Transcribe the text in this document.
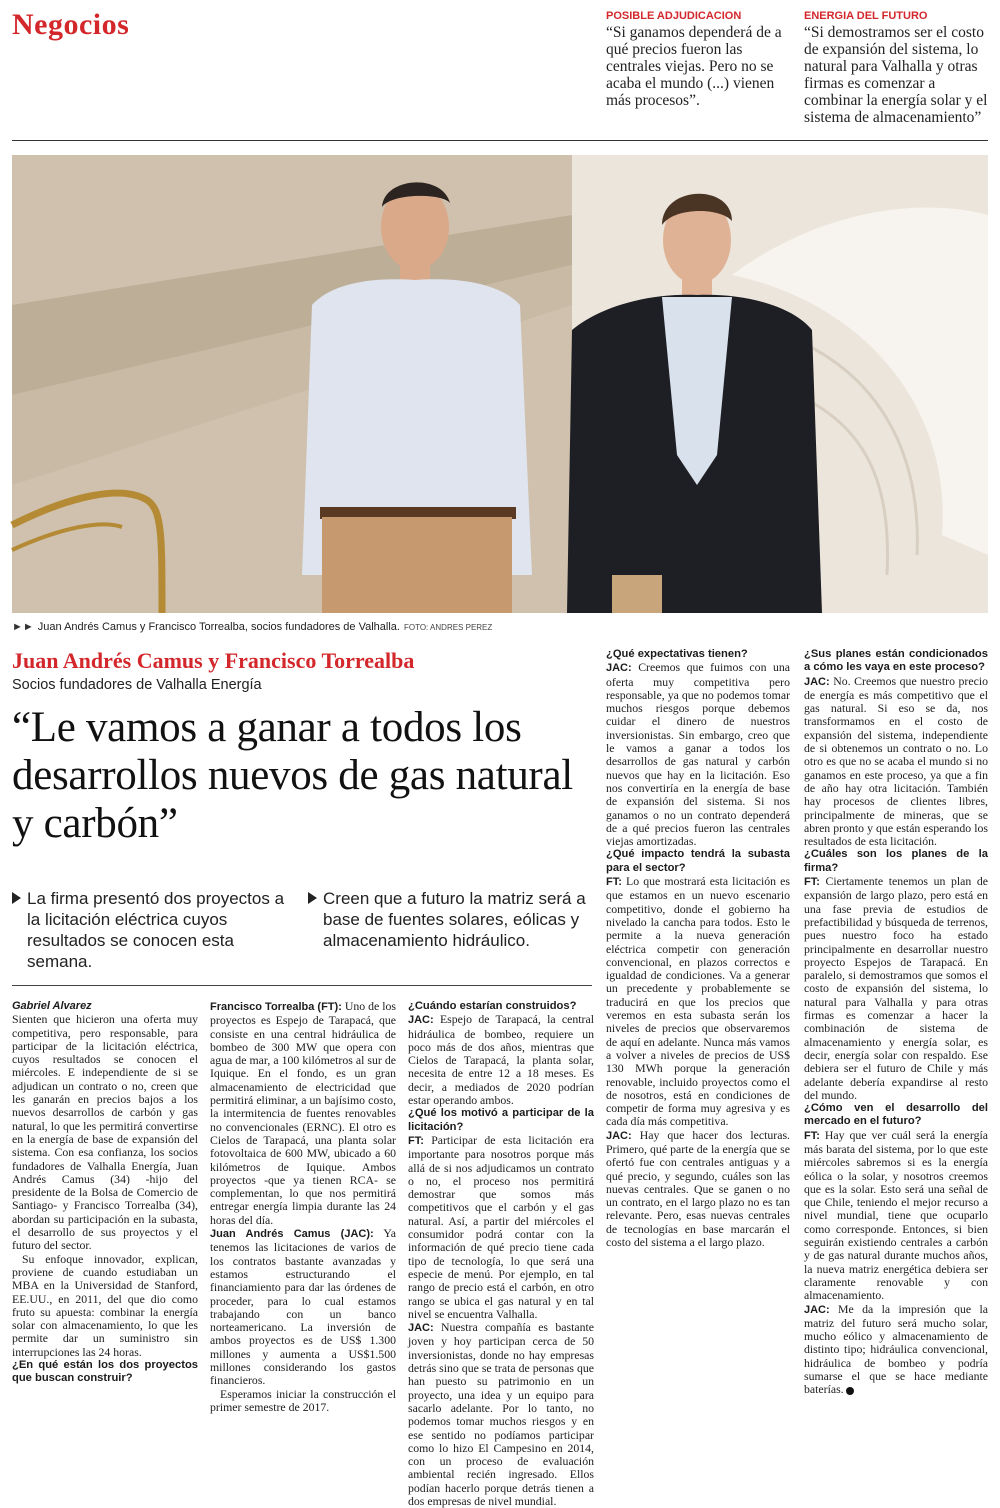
Negocios	POSIBLE ADJUDICACION
“Si ganamos dependerá de a qué precios fueron las centrales viejas. Pero no se acaba el mundo (...) vienen más procesos”.
ENERGIA DEL FUTURO
“Si demostramos ser el costo de expansión del sistema, lo natural para Valhalla y otras firmas es comenzar a combinar la energía solar y el sistema de almacenamiento”
►► Juan Andrés Camus y Francisco Torrealba, socios fundadores de Valhalla. FOTO: ANDRES PEREZ
Juan Andrés Camus y Francisco Torrealba
Socios fundadores de Valhalla Energía
“Le vamos a ganar a todos los desarrollos nuevos de gas natural y carbón”
La firma presentó dos proyectos a la licitación eléctrica cuyos resultados se conocen esta semana.
Creen que a futuro la matriz será a base de fuentes solares, eólicas y almacenamiento hidráulico.

Gabriel Alvarez

Sienten que hicieron una oferta muy competitiva, pero responsable, para participar de la licitación eléctrica, cuyos resultados se conocen el miércoles. E independiente de si se adjudican un contrato o no, creen que les ganarán en precios bajos a los nuevos desarrollos de carbón y gas natural, lo que les permitirá convertirse en la energía de base de expansión del sistema. Con esa confianza, los socios fundadores de Valhalla Energía, Juan Andrés Camus (34) -hijo del presidente de la Bolsa de Comercio de Santiago- y Francisco Torrealba (34), abordan su participación en la subasta, el desarrollo de sus proyectos y el futuro del sector.

Su enfoque innovador, explican, proviene de cuando estudiaban un MBA en la Universidad de Stanford, EE.UU., en 2011, del que dio como fruto su apuesta: combinar la energía solar con almacenamiento, lo que les permite dar un suministro sin interrupciones las 24 horas.

¿En qué están los dos proyectos que buscan construir?

Francisco Torrealba (FT): Uno de los proyectos es Espejo de Tarapacá, que consiste en una central hidráulica de bombeo de 300 MW que opera con agua de mar, a 100 kilómetros al sur de Iquique. En el fondo, es un gran almacenamiento de electricidad que permitirá eliminar, a un bajísimo costo, la intermitencia de fuentes renovables no convencionales (ERNC). El otro es Cielos de Tarapacá, una planta solar fotovoltaica de 600 MW, ubicado a 60 kilómetros de Iquique. Ambos proyectos -que ya tienen RCA- se complementan, lo que nos permitirá entregar energía limpia durante las 24 horas del día.

Juan Andrés Camus (JAC): Ya tenemos las licitaciones de varios de los contratos bastante avanzadas y estamos estructurando el financiamiento para dar las órdenes de proceder, para lo cual estamos trabajando con un banco norteamericano. La inversión de ambos proyectos es de US$ 1.300 millones y aumenta a US$1.500 millones considerando los gastos financieros.

Esperamos iniciar la construcción el primer semestre de 2017.

¿Cuándo estarían construidos?

JAC: Espejo de Tarapacá, la central hidráulica de bombeo, requiere un poco más de dos años, mientras que Cielos de Tarapacá, la planta solar, necesita de entre 12 a 18 meses. Es decir, a mediados de 2020 podrían estar operando ambos.

¿Qué los motivó a participar de la licitación?

FT: Participar de esta licitación era importante para nosotros porque más allá de si nos adjudicamos un contrato o no, el proceso nos permitirá demostrar que somos más competitivos que el carbón y el gas natural. Así, a partir del miércoles el consumidor podrá contar con la información de qué precio tiene cada tipo de tecnología, lo que será una especie de menú. Por ejemplo, en tal rango de precio está el carbón, en otro rango se ubica el gas natural y en tal nivel se encuentra Valhalla.

JAC: Nuestra compañía es bastante joven y hoy participan cerca de 50 inversionistas, donde no hay empresas detrás sino que se trata de personas que han puesto su patrimonio en un proyecto, una idea y un equipo para sacarlo adelante. Por lo tanto, no podemos tomar muchos riesgos y en ese sentido no podíamos participar como lo hizo El Campesino en 2014, con un proceso de evaluación ambiental recién ingresado. Ellos podían hacerlo porque detrás tienen a dos empresas de nivel mundial.

¿Qué expectativas tienen?

JAC: Creemos que fuimos con una oferta muy competitiva pero responsable, ya que no podemos tomar muchos riesgos porque debemos cuidar el dinero de nuestros inversionistas. Sin embargo, creo que le vamos a ganar a todos los desarrollos de gas natural y carbón nuevos que hay en la licitación. Eso nos convertiría en la energía de base de expansión del sistema. Si nos ganamos o no un contrato dependerá de a qué precios fueron las centrales viejas amortizadas.

¿Qué impacto tendrá la subasta para el sector?

FT: Lo que mostrará esta licitación es que estamos en un nuevo escenario competitivo, donde el gobierno ha nivelado la cancha para todos. Esto le permite a la nueva generación eléctrica competir con generación convencional, en plazos correctos e igualdad de condiciones. Va a generar un precedente y probablemente se traducirá en que los precios que veremos en esta subasta serán los niveles de precios que observaremos de aquí en adelante. Nunca más vamos a volver a niveles de precios de US$ 130 MWh porque la generación renovable, incluido proyectos como el de nosotros, está en condiciones de competir de forma muy agresiva y es cada día más competitiva.

JAC: Hay que hacer dos lecturas. Primero, qué parte de la energía que se ofertó fue con centrales antiguas y a qué precio, y segundo, cuáles son las nuevas centrales. Que se ganen o no un contrato, en el largo plazo no es tan relevante. Pero, esas nuevas centrales de tecnologías en base marcarán el costo del sistema a el largo plazo.

¿Sus planes están condicionados a cómo les vaya en este proceso?

JAC: No. Creemos que nuestro precio de energía es más competitivo que el gas natural. Si eso se da, nos transformamos en el costo de expansión del sistema, independiente de si obtenemos un contrato o no. Lo otro es que no se acaba el mundo si no ganamos en este proceso, ya que a fin de año hay otra licitación. También hay procesos de clientes libres, principalmente de mineras, que se abren pronto y que están esperando los resultados de esta licitación.

¿Cuáles son los planes de la firma?

FT: Ciertamente tenemos un plan de expansión de largo plazo, pero está en una fase previa de estudios de prefactibilidad y búsqueda de terrenos, pues nuestro foco ha estado principalmente en desarrollar nuestro proyecto Espejos de Tarapacá. En paralelo, si demostramos que somos el costo de expansión del sistema, lo natural para Valhalla y para otras firmas es comenzar a hacer la combinación de sistema de almacenamiento y energía solar, es decir, energía solar con respaldo. Ese debiera ser el futuro de Chile y más adelante debería expandirse al resto del mundo.

¿Cómo ven el desarrollo del mercado en el futuro?

FT: Hay que ver cuál será la energía más barata del sistema, por lo que este miércoles sabremos si es la energía eólica o la solar, y nosotros creemos que es la solar. Esto será una señal de que Chile, teniendo el mejor recurso a nivel mundial, tiene que ocuparlo como corresponde. Entonces, si bien seguirán existiendo centrales a carbón y de gas natural durante muchos años, la nueva matriz energética debiera ser claramente renovable y con almacenamiento.

JAC: Me da la impresión que la matriz del futuro será mucho solar, mucho eólico y almacenamiento de distinto tipo; hidráulica convencional, hidráulica de bombeo y podría sumarse el que se hace mediante baterías.
